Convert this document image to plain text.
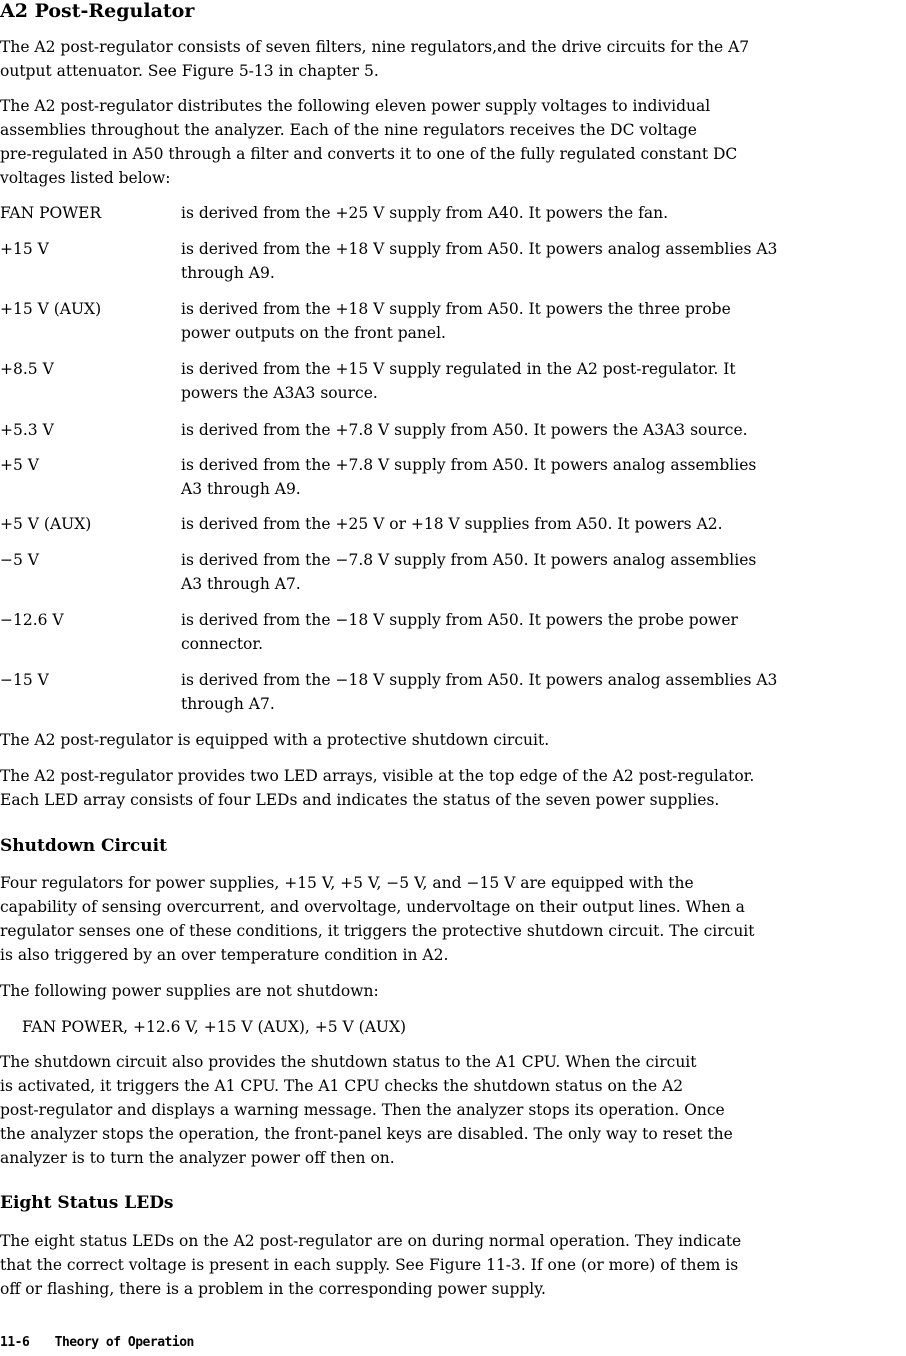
A2 Post-Regulator

The A2 post-regulator consists of seven filters, nine regulators,and the drive circuits for the A7
output attenuator. See Figure 5-13 in chapter 5.

The A2 post-regulator distributes the following eleven power supply voltages to individual
assemblies throughout the analyzer. Each of the nine regulators receives the DC voltage
pre-regulated in A50 through a filter and converts it to one of the fully regulated constant DC
voltages listed below:

FAN POWER	is derived from the +25 V supply from A40. It powers the fan.
+15 V	is derived from the +18 V supply from A50. It powers analog assemblies A3
through A9.
+15 V (AUX)	is derived from the +18 V supply from A50. It powers the three probe
power outputs on the front panel.
+8.5 V	is derived from the +15 V supply regulated in the A2 post-regulator. It
powers the A3A3 source.
+5.3 V	is derived from the +7.8 V supply from A50. It powers the A3A3 source.
+5 V	is derived from the +7.8 V supply from A50. It powers analog assemblies
A3 through A9.
+5 V (AUX)	is derived from the +25 V or +18 V supplies from A50. It powers A2.
−5 V	is derived from the −7.8 V supply from A50. It powers analog assemblies
A3 through A7.
−12.6 V	is derived from the −18 V supply from A50. It powers the probe power
connector.
−15 V	is derived from the −18 V supply from A50. It powers analog assemblies A3
through A7.

The A2 post-regulator is equipped with a protective shutdown circuit.

The A2 post-regulator provides two LED arrays, visible at the top edge of the A2 post-regulator.
Each LED array consists of four LEDs and indicates the status of the seven power supplies.

Shutdown Circuit

Four regulators for power supplies, +15 V, +5 V, −5 V, and −15 V are equipped with the
capability of sensing overcurrent, and overvoltage, undervoltage on their output lines. When a
regulator senses one of these conditions, it triggers the protective shutdown circuit. The circuit
is also triggered by an over temperature condition in A2.

The following power supplies are not shutdown:

FAN POWER, +12.6 V, +15 V (AUX), +5 V (AUX)

The shutdown circuit also provides the shutdown status to the A1 CPU. When the circuit
is activated, it triggers the A1 CPU. The A1 CPU checks the shutdown status on the A2
post-regulator and displays a warning message. Then the analyzer stops its operation. Once
the analyzer stops the operation, the front-panel keys are disabled. The only way to reset the
analyzer is to turn the analyzer power off then on.

Eight Status LEDs

The eight status LEDs on the A2 post-regulator are on during normal operation. They indicate
that the correct voltage is present in each supply. See Figure 11-3. If one (or more) of them is
off or flashing, there is a problem in the corresponding power supply.

11-6 Theory of Operation
